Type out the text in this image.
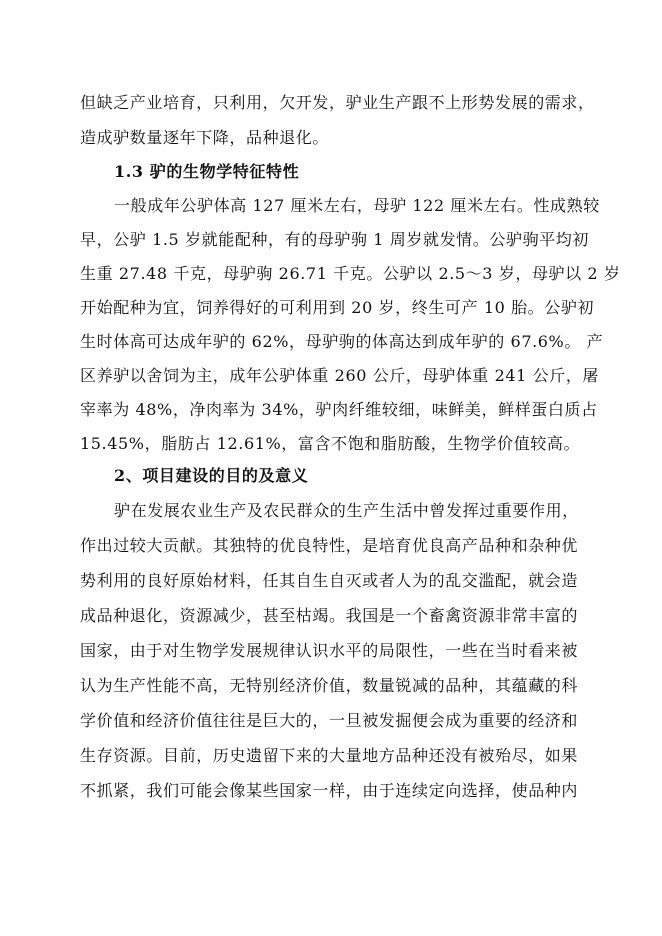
但缺乏产业培育，只利用，欠开发，驴业生产跟不上形势发展的需求，
造成驴数量逐年下降，品种退化。
1.3 驴的生物学特征特性
一般成年公驴体高 127 厘米左右，母驴 122 厘米左右。性成熟较
早，公驴 1.5 岁就能配种，有的母驴驹 1 周岁就发情。公驴驹平均初
生重 27.48 千克，母驴驹 26.71 千克。公驴以 2.5～3 岁，母驴以 2 岁
开始配种为宜，饲养得好的可利用到 20 岁，终生可产 10 胎。公驴初
生时体高可达成年驴的 62%，母驴驹的体高达到成年驴的 67.6%。 产
区养驴以舍饲为主，成年公驴体重 260 公斤，母驴体重 241 公斤，屠
宰率为 48%，净肉率为 34%，驴肉纤维较细，味鲜美，鲜样蛋白质占
15.45%，脂肪占 12.61%，富含不饱和脂肪酸，生物学价值较高。
2、项目建设的目的及意义
驴在发展农业生产及农民群众的生产生活中曾发挥过重要作用，
作出过较大贡献。其独特的优良特性，是培育优良高产品种和杂种优
势利用的良好原始材料，任其自生自灭或者人为的乱交滥配，就会造
成品种退化，资源减少，甚至枯竭。我国是一个畜禽资源非常丰富的
国家，由于对生物学发展规律认识水平的局限性，一些在当时看来被
认为生产性能不高，无特别经济价值，数量锐减的品种，其蕴藏的科
学价值和经济价值往往是巨大的，一旦被发掘便会成为重要的经济和
生存资源。目前，历史遗留下来的大量地方品种还没有被殆尽，如果
不抓紧，我们可能会像某些国家一样，由于连续定向选择，使品种内
